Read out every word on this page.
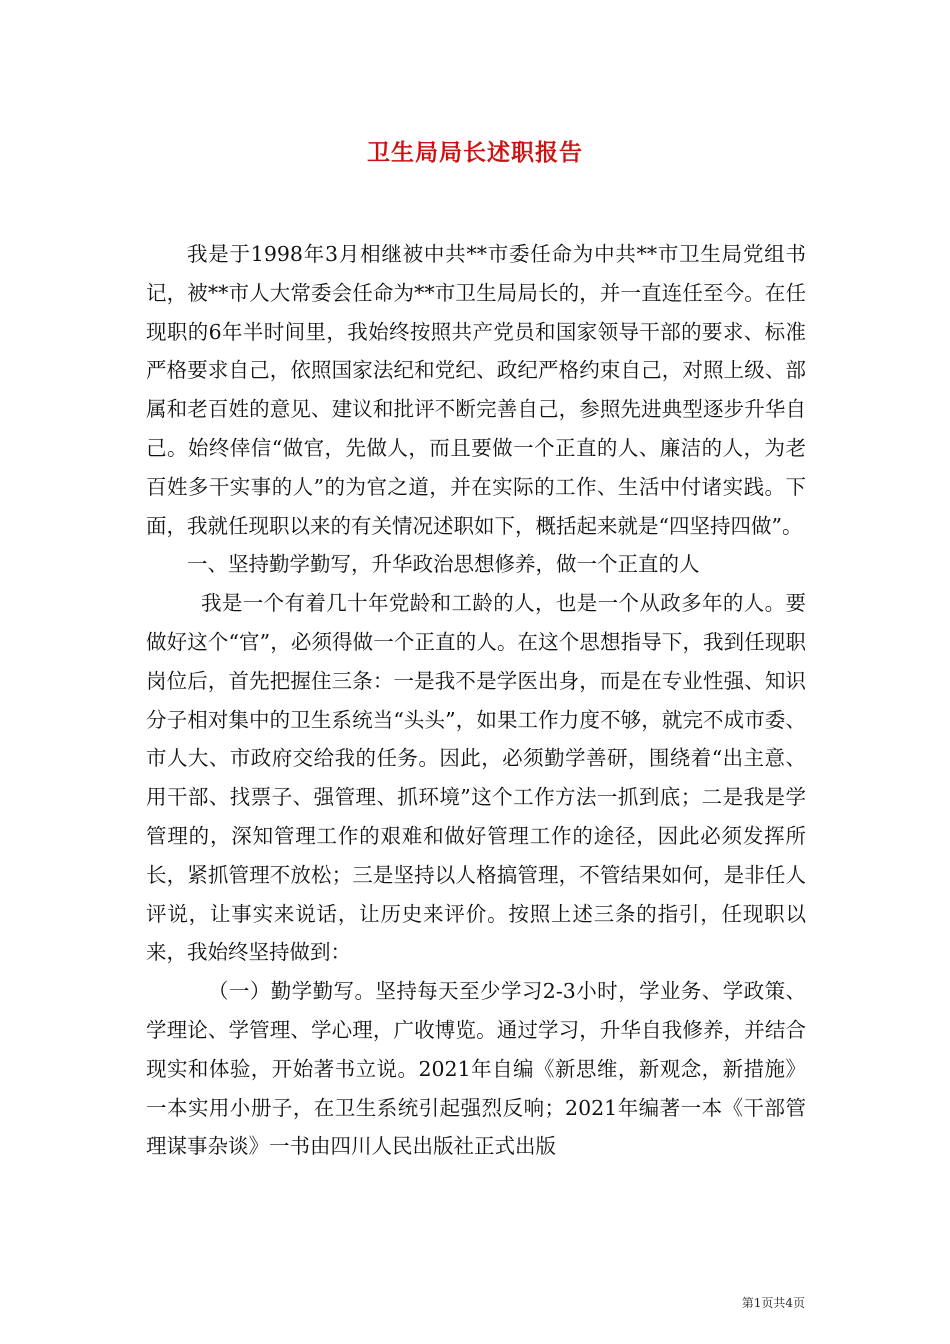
卫生局局长述职报告

我是于1998年3月相继被中共**市委任命为中共**市卫生局党组书记，被**市人大常委会任命为**市卫生局局长的，并一直连任至今。在任现职的6年半时间里，我始终按照共产党员和国家领导干部的要求、标准严格要求自己，依照国家法纪和党纪、政纪严格约束自己，对照上级、部属和老百姓的意见、建议和批评不断完善自己，参照先进典型逐步升华自己。始终倖信“做官，先做人，而且要做一个正直的人、廉洁的人，为老百姓多干实事的人”的为官之道，并在实际的工作、生活中付诸实践。下面，我就任现职以来的有关情况述职如下，概括起来就是“四坚持四做”。

一、坚持勤学勤写，升华政治思想修养，做一个正直的人

我是一个有着几十年党龄和工龄的人，也是一个从政多年的人。要做好这个“官”，必须得做一个正直的人。在这个思想指导下，我到任现职岗位后，首先把握住三条：一是我不是学医出身，而是在专业性强、知识分子相对集中的卫生系统当“头头”，如果工作力度不够，就完不成市委、市人大、市政府交给我的任务。因此，必须勤学善研，围绕着“出主意、用干部、找票子、强管理、抓环境”这个工作方法一抓到底；二是我是学管理的，深知管理工作的艰难和做好管理工作的途径，因此必须发挥所长，紧抓管理不放松；三是坚持以人格搞管理，不管结果如何，是非任人评说，让事实来说话，让历史来评价。按照上述三条的指引，任现职以来，我始终坚持做到：

（一）勤学勤写。坚持每天至少学习2-3小时，学业务、学政策、学理论、学管理、学心理，广收博览。通过学习，升华自我修养，并结合现实和体验，开始著书立说。2021年自编《新思维，新观念，新措施》一本实用小册子，在卫生系统引起强烈反响；2021年编著一本《干部管理谋事杂谈》一书由四川人民出版社正式出版

第1页共4页
